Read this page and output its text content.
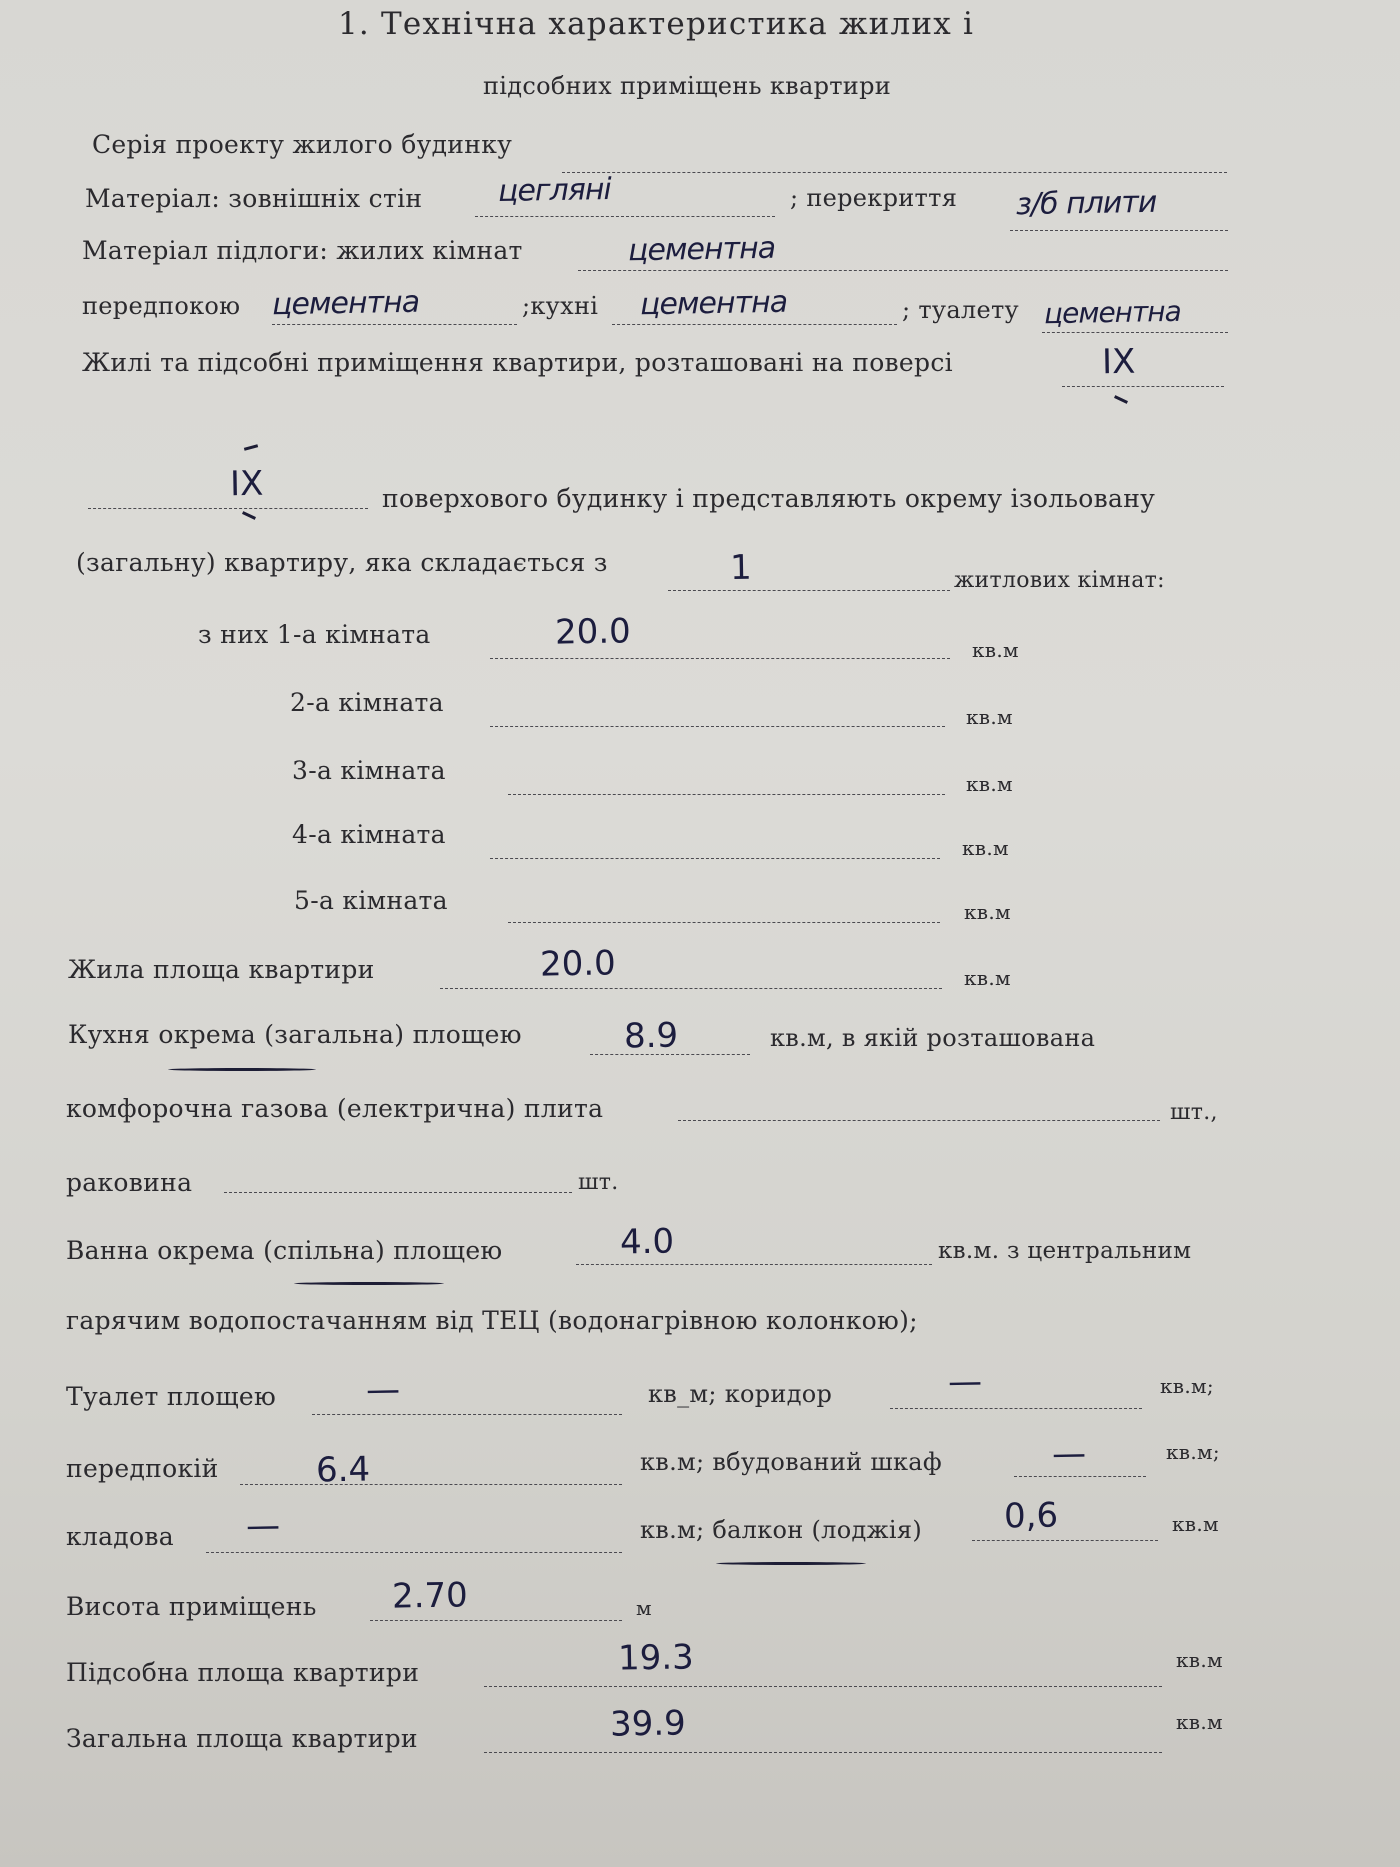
1. Технічна характеристика жилих і
підсобних приміщень квартири
Серія проекту жилого будинку
Матеріал: зовнішніх стін	цегляні	; перекриття з/б плити
Матеріал підлоги: жилих кімнат	цементна
передпокою цементна	;кухні цементна	; туалету цементна
Жилі та підсобні приміщення квартири, розташовані на поверсі	IX
IX	поверхового будинку і представляють окрему ізольовану
(загальну) квартиру, яка складається з	1	житлових кімнат:
з них 1-а кімната	20.0	кв.м
2-а кімната	кв.м
3-а кімната	кв.м
4-а кімната	кв.м
5-а кімната	кв.м
Жила площа квартири	20.0	кв.м
Кухня окрема (загальна) площею	8.9	кв.м, в якій розташована
комфорочна газова (електрична) плита	шт.,
раковина	шт.
Ванна окрема (спільна) площею	4.0	кв.м. з центральним
гарячим водопостачанням від ТЕЦ (водонагрівною колонкою);
Туалет площею	—	кв_м; коридор	—	кв.м;
передпокій	6.4	кв.м; вбудований шкаф	—	кв.м;
кладова —	кв.м; балкон (лоджія) 0,6	кв.м
Висота приміщень 2.70	м
Підсобна площа квартири	19.3	кв.м
Загальна площа квартири	39.9	кв.м
